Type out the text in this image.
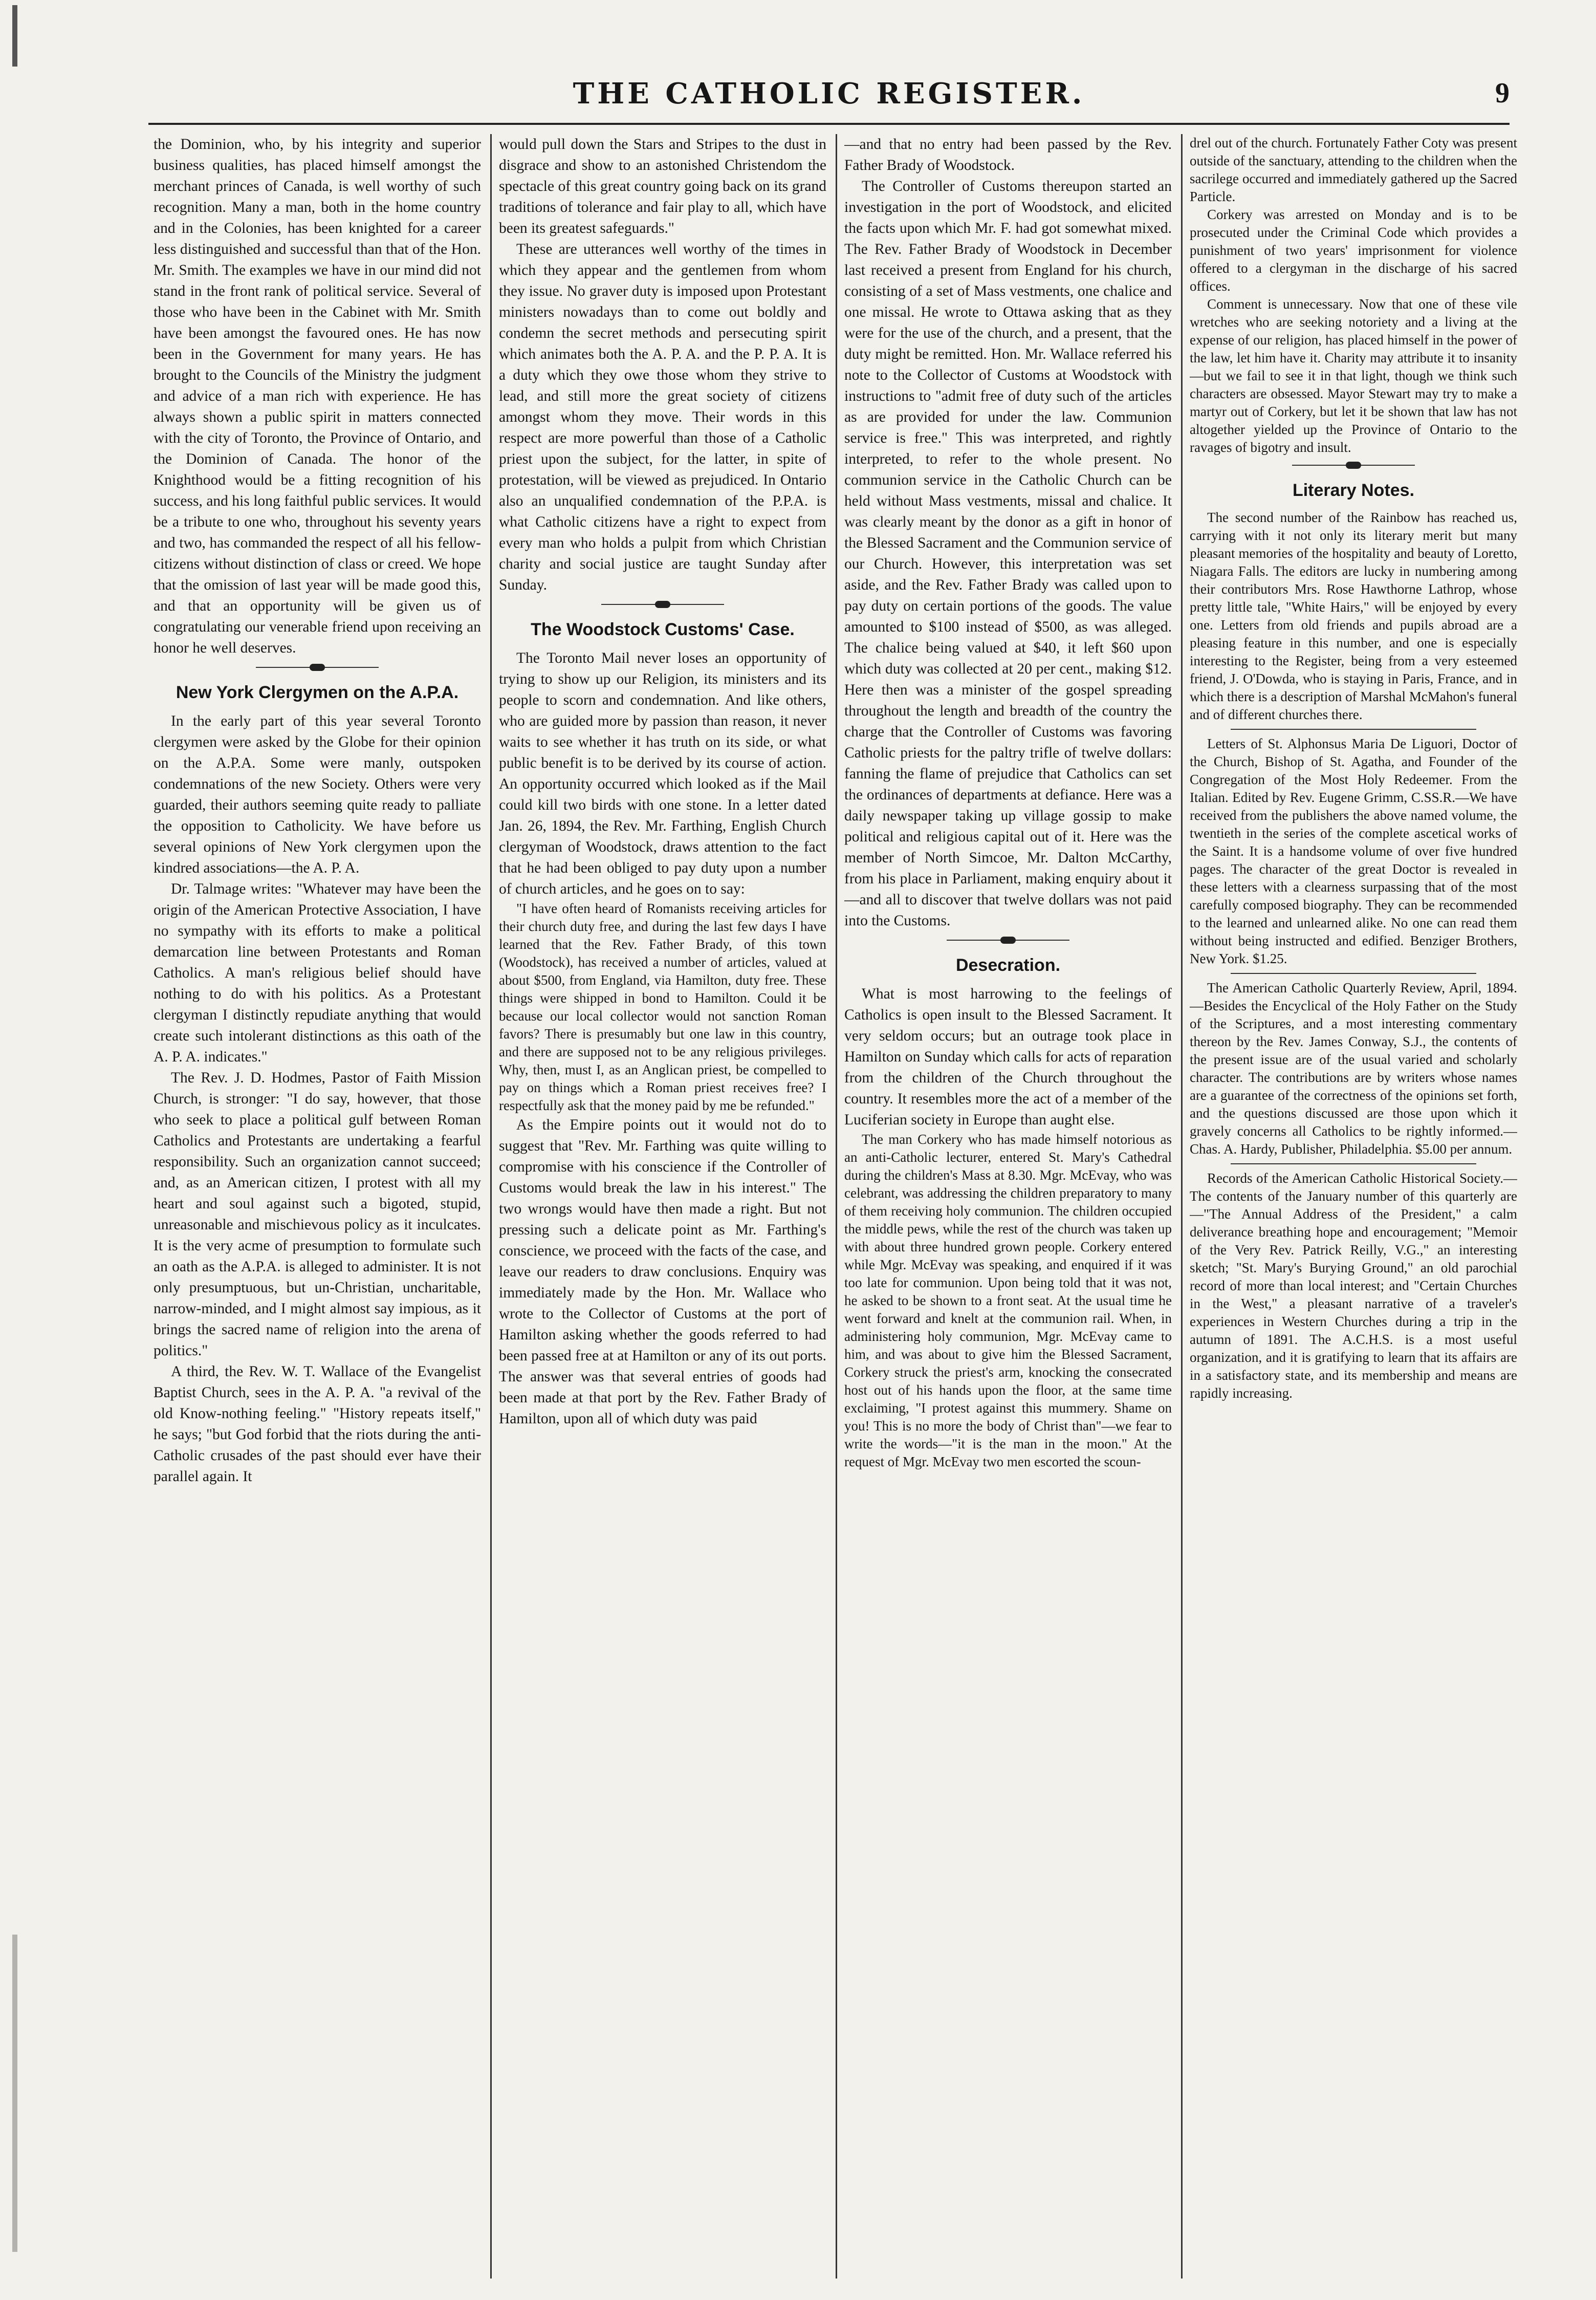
THE CATHOLIC REGISTER.	9

the Dominion, who, by his integrity and superior business qualities, has placed himself amongst the merchant princes of Canada, is well worthy of such recognition. Many a man, both in the home country and in the Colonies, has been knighted for a career less distinguished and successful than that of the Hon. Mr. Smith. The examples we have in our mind did not stand in the front rank of political service. Several of those who have been in the Cabinet with Mr. Smith have been amongst the favoured ones. He has now been in the Government for many years. He has brought to the Councils of the Ministry the judgment and advice of a man rich with experience. He has always shown a public spirit in matters connected with the city of Toronto, the Province of Ontario, and the Dominion of Canada. The honor of the Knighthood would be a fitting recognition of his success, and his long faithful public services. It would be a tribute to one who, throughout his seventy years and two, has commanded the respect of all his fellow-citizens without distinction of class or creed. We hope that the omission of last year will be made good this, and that an opportunity will be given us of congratulating our venerable friend upon receiving an honor he well deserves.

New York Clergymen on the A.P.A.

In the early part of this year several Toronto clergymen were asked by the Globe for their opinion on the A.P.A. Some were manly, outspoken condemnations of the new Society. Others were very guarded, their authors seeming quite ready to palliate the opposition to Catholicity. We have before us several opinions of New York clergymen upon the kindred associations—the A. P. A.

Dr. Talmage writes: "Whatever may have been the origin of the American Protective Association, I have no sympathy with its efforts to make a political demarcation line between Protestants and Roman Catholics. A man's religious belief should have nothing to do with his politics. As a Protestant clergyman I distinctly repudiate anything that would create such intolerant distinctions as this oath of the A. P. A. indicates."

The Rev. J. D. Hodmes, Pastor of Faith Mission Church, is stronger: "I do say, however, that those who seek to place a political gulf between Roman Catholics and Protestants are undertaking a fearful responsibility. Such an organization cannot succeed; and, as an American citizen, I protest with all my heart and soul against such a bigoted, stupid, unreasonable and mischievous policy as it inculcates. It is the very acme of presumption to formulate such an oath as the A.P.A. is alleged to administer. It is not only presumptuous, but un-Christian, uncharitable, narrow-minded, and I might almost say impious, as it brings the sacred name of religion into the arena of politics."

A third, the Rev. W. T. Wallace of the Evangelist Baptist Church, sees in the A. P. A. "a revival of the old Know-nothing feeling." "History repeats itself," he says; "but God forbid that the riots during the anti-Catholic crusades of the past should ever have their parallel again. It

would pull down the Stars and Stripes to the dust in disgrace and show to an astonished Christendom the spectacle of this great country going back on its grand traditions of tolerance and fair play to all, which have been its greatest safeguards."

These are utterances well worthy of the times in which they appear and the gentlemen from whom they issue. No graver duty is imposed upon Protestant ministers nowadays than to come out boldly and condemn the secret methods and persecuting spirit which animates both the A. P. A. and the P. P. A. It is a duty which they owe those whom they strive to lead, and still more the great society of citizens amongst whom they move. Their words in this respect are more powerful than those of a Catholic priest upon the subject, for the latter, in spite of protestation, will be viewed as prejudiced. In Ontario also an unqualified condemnation of the P.P.A. is what Catholic citizens have a right to expect from every man who holds a pulpit from which Christian charity and social justice are taught Sunday after Sunday.

The Woodstock Customs' Case.

The Toronto Mail never loses an opportunity of trying to show up our Religion, its ministers and its people to scorn and condemnation. And like others, who are guided more by passion than reason, it never waits to see whether it has truth on its side, or what public benefit is to be derived by its course of action. An opportunity occurred which looked as if the Mail could kill two birds with one stone. In a letter dated Jan. 26, 1894, the Rev. Mr. Farthing, English Church clergyman of Woodstock, draws attention to the fact that he had been obliged to pay duty upon a number of church articles, and he goes on to say:

"I have often heard of Romanists receiving articles for their church duty free, and during the last few days I have learned that the Rev. Father Brady, of this town (Woodstock), has received a number of articles, valued at about $500, from England, via Hamilton, duty free. These things were shipped in bond to Hamilton. Could it be because our local collector would not sanction Roman favors? There is presumably but one law in this country, and there are supposed not to be any religious privileges. Why, then, must I, as an Anglican priest, be compelled to pay on things which a Roman priest receives free? I respectfully ask that the money paid by me be refunded."

As the Empire points out it would not do to suggest that "Rev. Mr. Farthing was quite willing to compromise with his conscience if the Controller of Customs would break the law in his interest." The two wrongs would have then made a right. But not pressing such a delicate point as Mr. Farthing's conscience, we proceed with the facts of the case, and leave our readers to draw conclusions. Enquiry was immediately made by the Hon. Mr. Wallace who wrote to the Collector of Customs at the port of Hamilton asking whether the goods referred to had been passed free at at Hamilton or any of its out ports. The answer was that several entries of goods had been made at that port by the Rev. Father Brady of Hamilton, upon all of which duty was paid

—and that no entry had been passed by the Rev. Father Brady of Woodstock.

The Controller of Customs thereupon started an investigation in the port of Woodstock, and elicited the facts upon which Mr. F. had got somewhat mixed. The Rev. Father Brady of Woodstock in December last received a present from England for his church, consisting of a set of Mass vestments, one chalice and one missal. He wrote to Ottawa asking that as they were for the use of the church, and a present, that the duty might be remitted. Hon. Mr. Wallace referred his note to the Collector of Customs at Woodstock with instructions to "admit free of duty such of the articles as are provided for under the law. Communion service is free." This was interpreted, and rightly interpreted, to refer to the whole present. No communion service in the Catholic Church can be held without Mass vestments, missal and chalice. It was clearly meant by the donor as a gift in honor of the Blessed Sacrament and the Communion service of our Church. However, this interpretation was set aside, and the Rev. Father Brady was called upon to pay duty on certain portions of the goods. The value amounted to $100 instead of $500, as was alleged. The chalice being valued at $40, it left $60 upon which duty was collected at 20 per cent., making $12. Here then was a minister of the gospel spreading throughout the length and breadth of the country the charge that the Controller of Customs was favoring Catholic priests for the paltry trifle of twelve dollars: fanning the flame of prejudice that Catholics can set the ordinances of departments at defiance. Here was a daily newspaper taking up village gossip to make political and religious capital out of it. Here was the member of North Simcoe, Mr. Dalton McCarthy, from his place in Parliament, making enquiry about it—and all to discover that twelve dollars was not paid into the Customs.

Desecration.

What is most harrowing to the feelings of Catholics is open insult to the Blessed Sacrament. It very seldom occurs; but an outrage took place in Hamilton on Sunday which calls for acts of reparation from the children of the Church throughout the country. It resembles more the act of a member of the Luciferian society in Europe than aught else.

The man Corkery who has made himself notorious as an anti-Catholic lecturer, entered St. Mary's Cathedral during the children's Mass at 8.30. Mgr. McEvay, who was celebrant, was addressing the children preparatory to many of them receiving holy communion. The children occupied the middle pews, while the rest of the church was taken up with about three hundred grown people. Corkery entered while Mgr. McEvay was speaking, and enquired if it was too late for communion. Upon being told that it was not, he asked to be shown to a front seat. At the usual time he went forward and knelt at the communion rail. When, in administering holy communion, Mgr. McEvay came to him, and was about to give him the Blessed Sacrament, Corkery struck the priest's arm, knocking the consecrated host out of his hands upon the floor, at the same time exclaiming, "I protest against this mummery. Shame on you! This is no more the body of Christ than"—we fear to write the words—"it is the man in the moon." At the request of Mgr. McEvay two men escorted the scoun-

drel out of the church. Fortunately Father Coty was present outside of the sanctuary, attending to the children when the sacrilege occurred and immediately gathered up the Sacred Particle.

Corkery was arrested on Monday and is to be prosecuted under the Criminal Code which provides a punishment of two years' imprisonment for violence offered to a clergyman in the discharge of his sacred offices.

Comment is unnecessary. Now that one of these vile wretches who are seeking notoriety and a living at the expense of our religion, has placed himself in the power of the law, let him have it. Charity may attribute it to insanity—but we fail to see it in that light, though we think such characters are obsessed. Mayor Stewart may try to make a martyr out of Corkery, but let it be shown that law has not altogether yielded up the Province of Ontario to the ravages of bigotry and insult.

Literary Notes.

The second number of the Rainbow has reached us, carrying with it not only its literary merit but many pleasant memories of the hospitality and beauty of Loretto, Niagara Falls. The editors are lucky in numbering among their contributors Mrs. Rose Hawthorne Lathrop, whose pretty little tale, "White Hairs," will be enjoyed by every one. Letters from old friends and pupils abroad are a pleasing feature in this number, and one is especially interesting to the Register, being from a very esteemed friend, J. O'Dowda, who is staying in Paris, France, and in which there is a description of Marshal McMahon's funeral and of different churches there.

Letters of St. Alphonsus Maria De Liguori, Doctor of the Church, Bishop of St. Agatha, and Founder of the Congregation of the Most Holy Redeemer. From the Italian. Edited by Rev. Eugene Grimm, C.SS.R.—We have received from the publishers the above named volume, the twentieth in the series of the complete ascetical works of the Saint. It is a handsome volume of over five hundred pages. The character of the great Doctor is revealed in these letters with a clearness surpassing that of the most carefully composed biography. They can be recommended to the learned and unlearned alike. No one can read them without being instructed and edified. Benziger Brothers, New York. $1.25.

The American Catholic Quarterly Review, April, 1894.—Besides the Encyclical of the Holy Father on the Study of the Scriptures, and a most interesting commentary thereon by the Rev. James Conway, S.J., the contents of the present issue are of the usual varied and scholarly character. The contributions are by writers whose names are a guarantee of the correctness of the opinions set forth, and the questions discussed are those upon which it gravely concerns all Catholics to be rightly informed.—Chas. A. Hardy, Publisher, Philadelphia. $5.00 per annum.

Records of the American Catholic Historical Society.—The contents of the January number of this quarterly are—"The Annual Address of the President," a calm deliverance breathing hope and encouragement; "Memoir of the Very Rev. Patrick Reilly, V.G.," an interesting sketch; "St. Mary's Burying Ground," an old parochial record of more than local interest; and "Certain Churches in the West," a pleasant narrative of a traveler's experiences in Western Churches during a trip in the autumn of 1891. The A.C.H.S. is a most useful organization, and it is gratifying to learn that its affairs are in a satisfactory state, and its membership and means are rapidly increasing.
